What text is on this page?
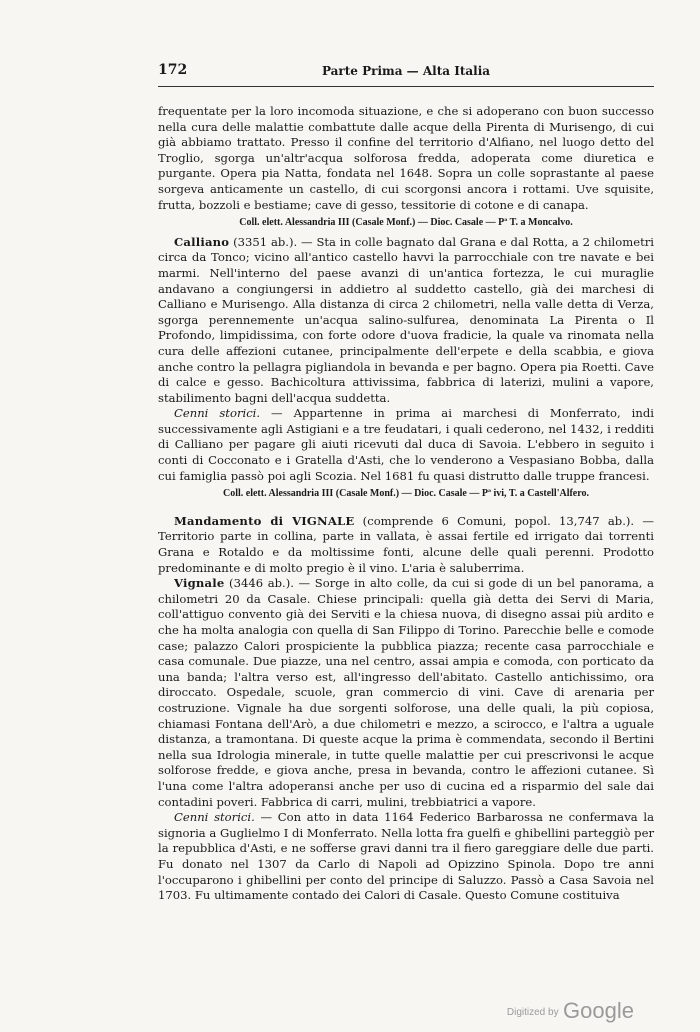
172	Parte Prima — Alta Italia

frequentate per la loro incomoda situazione, e che si adoperano con buon successo nella cura delle malattie combattute dalle acque della Pirenta di Murisengo, di cui già abbiamo trattato. Presso il confine del territorio d'Alfiano, nel luogo detto del Troglio, sgorga un'altr'acqua solforosa fredda, adoperata come diuretica e purgante. Opera pia Natta, fondata nel 1648. Sopra un colle soprastante al paese sorgeva anticamente un castello, di cui scorgonsi ancora i rottami. Uve squisite, frutta, bozzoli e bestiame; cave di gesso, tessitorie di cotone e di canapa.

Coll. elett. Alessandria III (Casale Monf.) — Dioc. Casale — Pª T. a Moncalvo.

Calliano (3351 ab.). — Sta in colle bagnato dal Grana e dal Rotta, a 2 chilometri circa da Tonco; vicino all'antico castello havvi la parrocchiale con tre navate e bei marmi. Nell'interno del paese avanzi di un'antica fortezza, le cui muraglie andavano a congiungersi in addietro al suddetto castello, già dei marchesi di Calliano e Murisengo. Alla distanza di circa 2 chilometri, nella valle detta di Verza, sgorga perennemente un'acqua salino-sulfurea, denominata La Pirenta o Il Profondo, limpidissima, con forte odore d'uova fradicie, la quale va rinomata nella cura delle affezioni cutanee, principalmente dell'erpete e della scabbia, e giova anche contro la pellagra pigliandola in bevanda e per bagno. Opera pia Roetti. Cave di calce e gesso. Bachicoltura attivissima, fabbrica di laterizi, mulini a vapore, stabilimento bagni dell'acqua suddetta.

Cenni storici. — Appartenne in prima ai marchesi di Monferrato, indi successivamente agli Astigiani e a tre feudatari, i quali cederono, nel 1432, i redditi di Calliano per pagare gli aiuti ricevuti dal duca di Savoia. L'ebbero in seguito i conti di Cocconato e i Gratella d'Asti, che lo venderono a Vespasiano Bobba, dalla cui famiglia passò poi agli Scozia. Nel 1681 fu quasi distrutto dalle truppe francesi.

Coll. elett. Alessandria III (Casale Monf.) — Dioc. Casale — Pª ivi, T. a Castell'Alfero.

Mandamento di VIGNALE (comprende 6 Comuni, popol. 13,747 ab.). — Territorio parte in collina, parte in vallata, è assai fertile ed irrigato dai torrenti Grana e Rotaldo e da moltissime fonti, alcune delle quali perenni. Prodotto predominante e di molto pregio è il vino. L'aria è saluberrima.

Vignale (3446 ab.). — Sorge in alto colle, da cui si gode di un bel panorama, a chilometri 20 da Casale. Chiese principali: quella già detta dei Servi di Maria, coll'attiguo convento già dei Serviti e la chiesa nuova, di disegno assai più ardito e che ha molta analogia con quella di San Filippo di Torino. Parecchie belle e comode case; palazzo Calori prospiciente la pubblica piazza; recente casa parrocchiale e casa comunale. Due piazze, una nel centro, assai ampia e comoda, con porticato da una banda; l'altra verso est, all'ingresso dell'abitato. Castello antichissimo, ora diroccato. Ospedale, scuole, gran commercio di vini. Cave di arenaria per costruzione. Vignale ha due sorgenti solforose, una delle quali, la più copiosa, chiamasi Fontana dell'Arò, a due chilometri e mezzo, a scirocco, e l'altra a uguale distanza, a tramontana. Di queste acque la prima è commendata, secondo il Bertini nella sua Idrologia minerale, in tutte quelle malattie per cui prescrivonsi le acque solforose fredde, e giova anche, presa in bevanda, contro le affezioni cutanee. Sì l'una come l'altra adoperansi anche per uso di cucina ed a risparmio del sale dai contadini poveri. Fabbrica di carri, mulini, trebbiatrici a vapore.

Cenni storici. — Con atto in data 1164 Federico Barbarossa ne confermava la signoria a Guglielmo I di Monferrato. Nella lotta fra guelfi e ghibellini parteggiò per la repubblica d'Asti, e ne sofferse gravi danni tra il fiero gareggiare delle due parti. Fu donato nel 1307 da Carlo di Napoli ad Opizzino Spinola. Dopo tre anni l'occuparono i ghibellini per conto del principe di Saluzzo. Passò a Casa Savoia nel 1703. Fu ultimamente contado dei Calori di Casale. Questo Comune costituiva

Digitized by Google
